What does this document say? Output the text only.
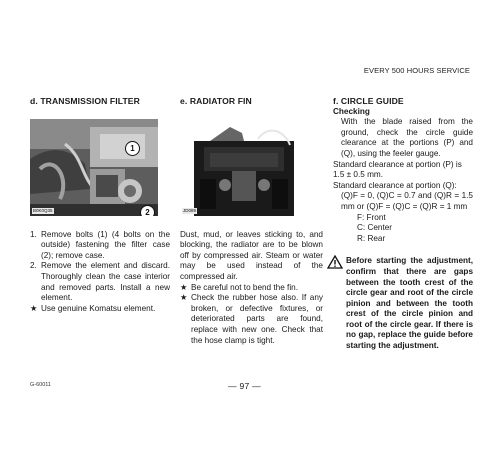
EVERY 500 HOURS SERVICE
d. TRANSMISSION FILTER
1
2
B0K0Q35
1. Remove bolts (1) (4 bolts on the outside) fastening the filter case (2); remove case.
2. Remove the element and discard. Thoroughly clean the case interior and removed parts. Install a new element.
★ Use genuine Komatsu element.
e. RADIATOR FIN
JD089
Dust, mud, or leaves sticking to, and blocking, the radiator are to be blown off by compressed air. Steam or water may be used instead of the compressed air.
★ Be careful not to bend the fin.
★ Check the rubber hose also. If any broken, or defective fixtures, or deteriorated parts are found, replace with new one. Check that the hose clamp is tight.
f. CIRCLE GUIDE
Checking
With the blade raised from the ground, check the circle guide clearance at the portions (P) and (Q), using the feeler gauge.
Standard clearance at portion (P) is 1.5 ± 0.5 mm.
Standard clearance at portion (Q):
(Q)F = 0, (Q)C = 0.7 and (Q)R = 1.5 mm or (Q)F = (Q)C = (Q)R = 1 mm
F: Front
C: Center
R: Rear
Before starting the adjustment, confirm that there are gaps between the tooth crest of the circle gear and root of the circle pinion and between the tooth crest of the circle pinion and root of the circle gear. If there is no gap, replace the guide before starting the adjustment.
G-60011	— 97 —
